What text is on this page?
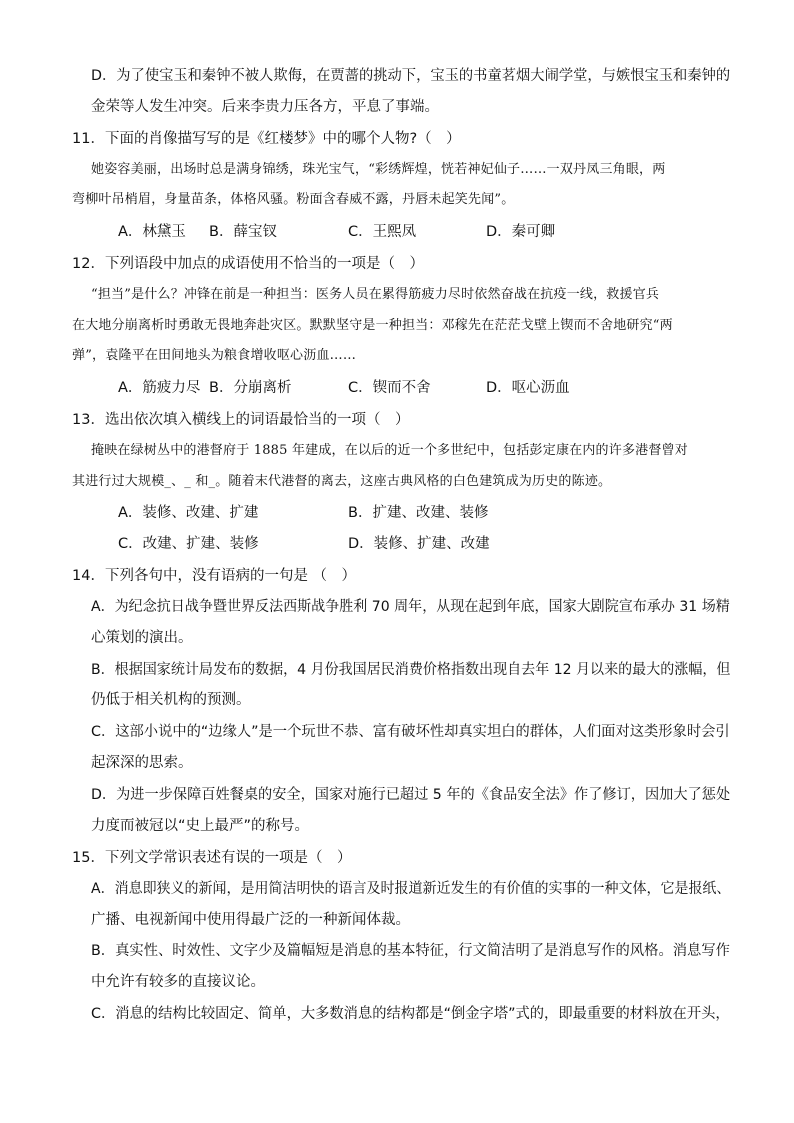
D．为了使宝玉和秦钟不被人欺侮，在贾蔷的挑动下，宝玉的书童茗烟大闹学堂，与嫉恨宝玉和秦钟的
金荣等人发生冲突。后来李贵力压各方，平息了事端。
11．下面的肖像描写写的是《红楼梦》中的哪个人物?（　）
她姿容美丽，出场时总是满身锦绣，珠光宝气，“彩绣辉煌，恍若神妃仙子……一双丹凤三角眼，两
弯柳叶吊梢眉，身量苗条，体格风骚。粉面含春威不露，丹唇未起笑先闻”。
A．林黛玉 B．薛宝钗	C．王熙凤	D．秦可卿
12．下列语段中加点的成语使用不恰当的一项是（　）
“担当”是什么？冲锋在前是一种担当：医务人员在累得筋疲力尽时依然奋战在抗疫一线，救援官兵
在大地分崩离析时勇敢无畏地奔赴灾区。默默坚守是一种担当：邓稼先在茫茫戈壁上锲而不舍地研究“两
弹”，袁隆平在田间地头为粮食增收呕心沥血……
A．筋疲力尽 B．分崩离析	C．锲而不舍	D．呕心沥血
13．选出依次填入横线上的词语最恰当的一项（　）
掩映在绿树丛中的港督府于 1885 年建成，在以后的近一个多世纪中，包括彭定康在内的许多港督曾对
其进行过大规模_、_ 和_。随着末代港督的离去，这座古典风格的白色建筑成为历史的陈迹。
A．装修、改建、扩建	B．扩建、改建、装修
C．改建、扩建、装修	D．装修、扩建、改建
14．下列各句中，没有语病的一句是 （　）
A．为纪念抗日战争暨世界反法西斯战争胜利 70 周年，从现在起到年底，国家大剧院宣布承办 31 场精
心策划的演出。
B．根据国家统计局发布的数据，4 月份我国居民消费价格指数出现自去年 12 月以来的最大的涨幅，但
仍低于相关机构的预测。
C．这部小说中的“边缘人”是一个玩世不恭、富有破坏性却真实坦白的群体，人们面对这类形象时会引
起深深的思索。
D．为进一步保障百姓餐桌的安全，国家对施行已超过 5 年的《食品安全法》作了修订，因加大了惩处
力度而被冠以“史上最严”的称号。
15．下列文学常识表述有误的一项是（　）
A．消息即狭义的新闻，是用简洁明快的语言及时报道新近发生的有价值的实事的一种文体，它是报纸、
广播、电视新闻中使用得最广泛的一种新闻体裁。
B．真实性、时效性、文字少及篇幅短是消息的基本特征，行文简洁明了是消息写作的风格。消息写作
中允许有较多的直接议论。
C．消息的结构比较固定、简单，大多数消息的结构都是“倒金字塔”式的，即最重要的材料放在开头，
